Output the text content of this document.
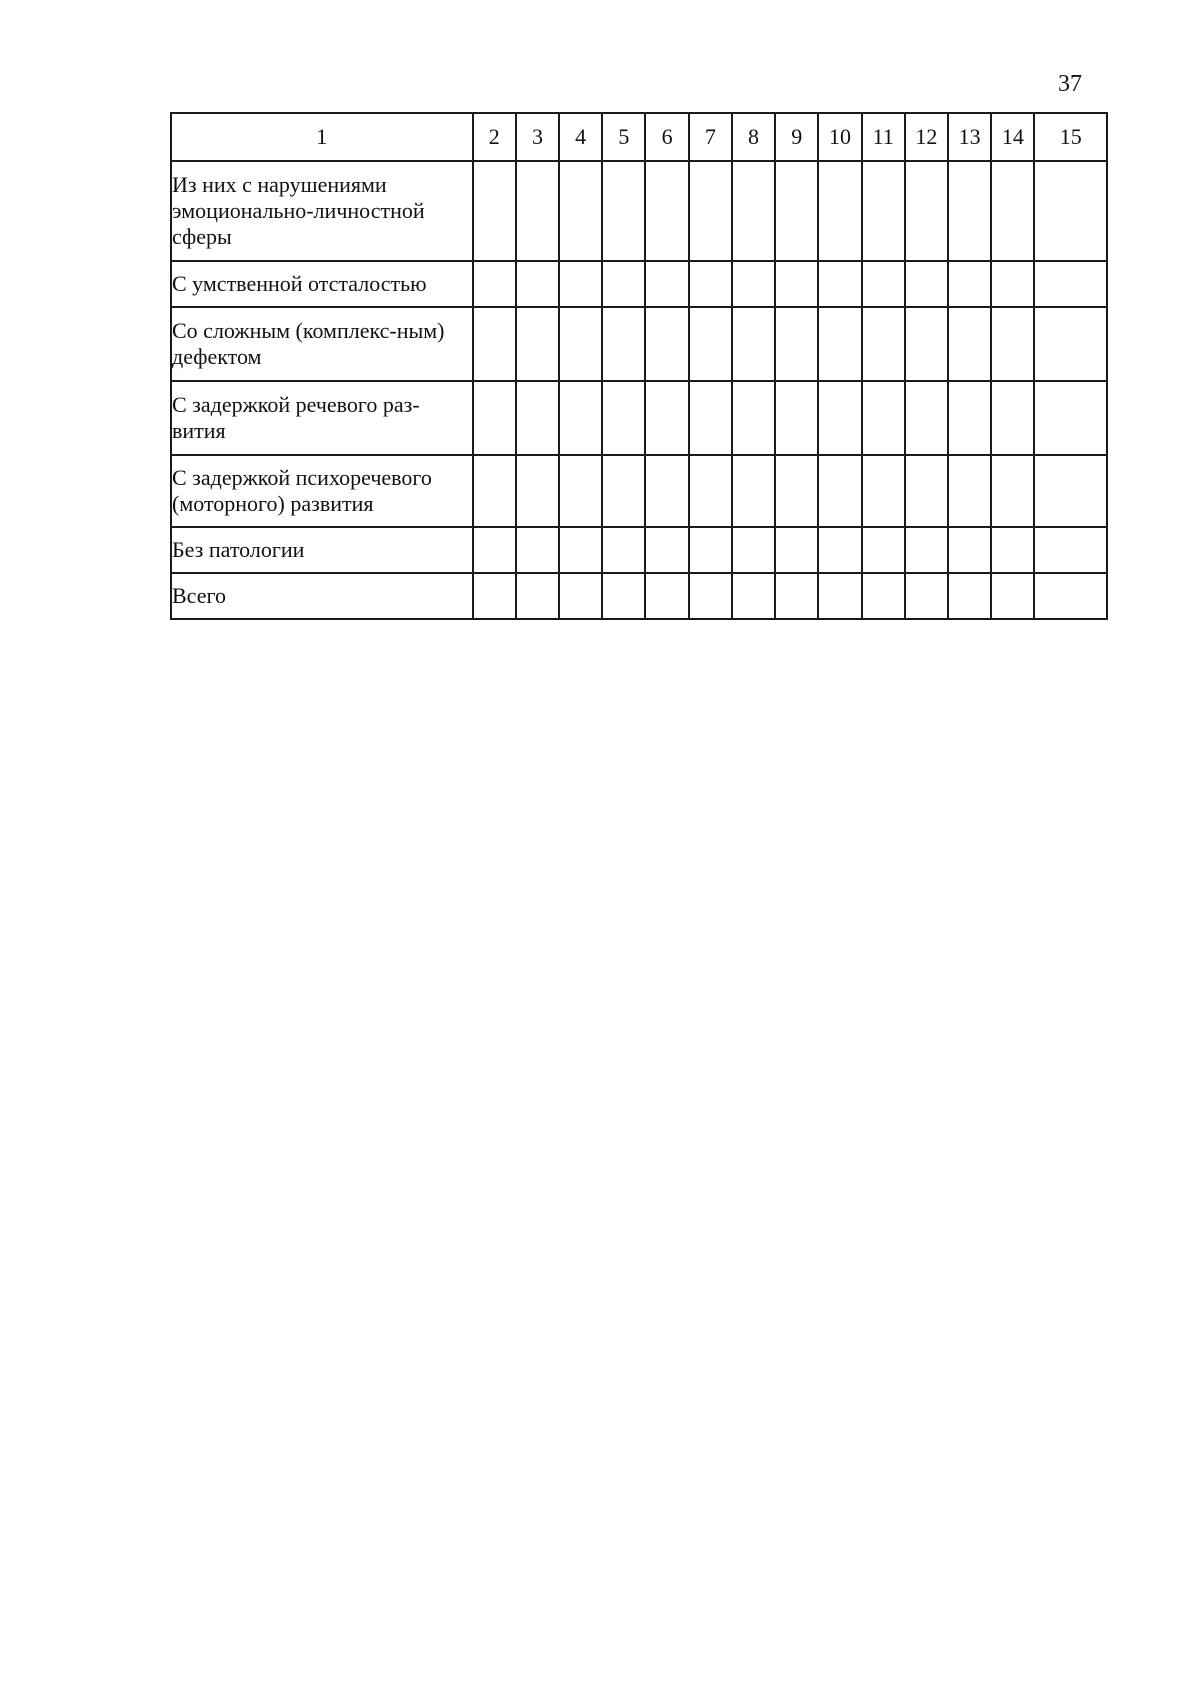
37
1	2	3	4	5	6	7	8	9	10	11	12	13	14	15
Из них с нарушениями эмоционально-личностной сферы														
С умственной отсталостью														
Со сложным (комплекс-ным) дефектом														
С задержкой речевого раз-вития														
С задержкой психоречевого (моторного) развития														
Без патологии														
Всего														
